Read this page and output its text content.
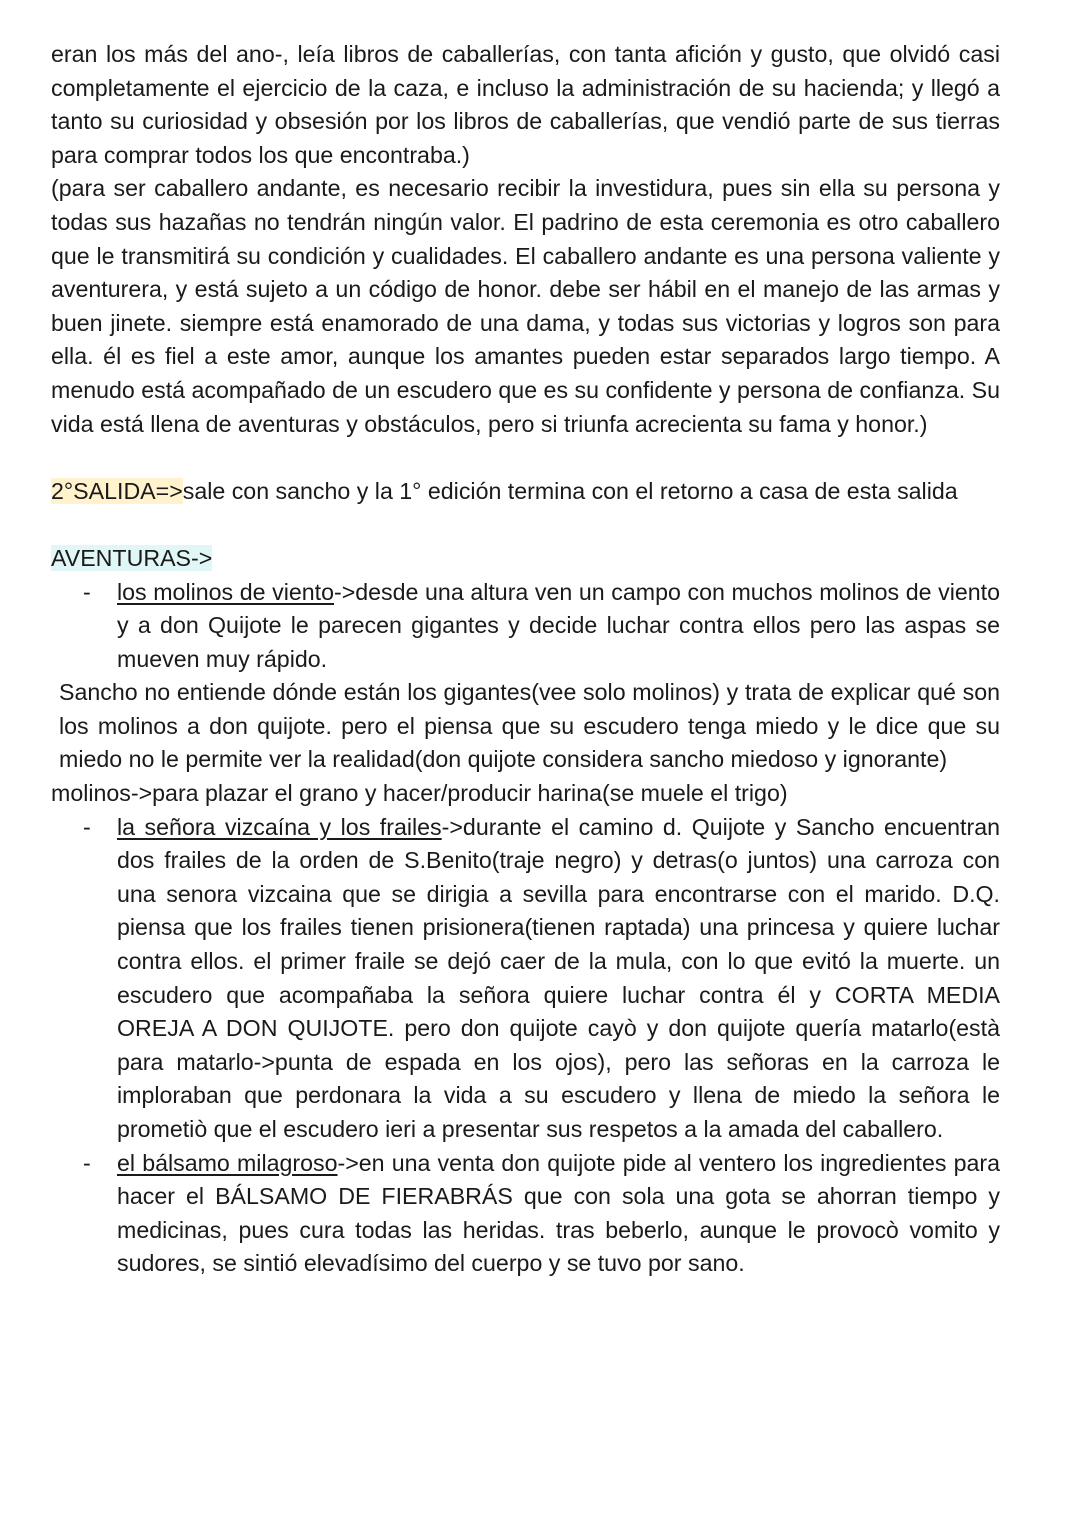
eran los más del ano-, leía libros de caballerías, con tanta afición y gusto, que olvidó casi completamente el ejercicio de la caza, e incluso la administración de su hacienda; y llegó a tanto su curiosidad y obsesión por los libros de caballerías, que vendió parte de sus tierras para comprar todos los que encontraba.)

(para ser caballero andante, es necesario recibir la investidura, pues sin ella su persona y todas sus hazañas no tendrán ningún valor. El padrino de esta ceremonia es otro caballero que le transmitirá su condición y cualidades. El caballero andante es una persona valiente y aventurera, y está sujeto a un código de honor. debe ser hábil en el manejo de las armas y buen jinete. siempre está enamorado de una dama, y todas sus victorias y logros son para ella. él es fiel a este amor, aunque los amantes pueden estar separados largo tiempo. A menudo está acompañado de un escudero que es su confidente y persona de confianza. Su vida está llena de aventuras y obstáculos, pero si triunfa acrecienta su fama y honor.)

2°SALIDA=>sale con sancho y la 1° edición termina con el retorno a casa de esta salida

AVENTURAS->

- los molinos de viento->desde una altura ven un campo con muchos molinos de viento y a don Quijote le parecen gigantes y decide luchar contra ellos pero las aspas se mueven muy rápido.

Sancho no entiende dónde están los gigantes(vee solo molinos) y trata de explicar qué son los molinos a don quijote. pero el piensa que su escudero tenga miedo y le dice que su miedo no le permite ver la realidad(don quijote considera sancho miedoso y ignorante)

molinos->para plazar el grano y hacer/producir harina(se muele el trigo)

- la señora vizcaína y los frailes->durante el camino d. Quijote y Sancho encuentran dos frailes de la orden de S.Benito(traje negro) y detras(o juntos) una carroza con una senora vizcaina que se dirigia a sevilla para encontrarse con el marido. D.Q. piensa que los frailes tienen prisionera(tienen raptada) una princesa y quiere luchar contra ellos. el primer fraile se dejó caer de la mula, con lo que evitó la muerte. un escudero que acompañaba la señora quiere luchar contra él y CORTA MEDIA OREJA A DON QUIJOTE. pero don quijote cayò y don quijote quería matarlo(està para matarlo->punta de espada en los ojos), pero las señoras en la carroza le imploraban que perdonara la vida a su escudero y llena de miedo la señora le prometiò que el escudero ieri a presentar sus respetos a la amada del caballero.
- el bálsamo milagroso->en una venta don quijote pide al ventero los ingredientes para hacer el BÁLSAMO DE FIERABRÁS que con sola una gota se ahorran tiempo y medicinas, pues cura todas las heridas. tras beberlo, aunque le provocò vomito y sudores, se sintió elevadísimo del cuerpo y se tuvo por sano.
